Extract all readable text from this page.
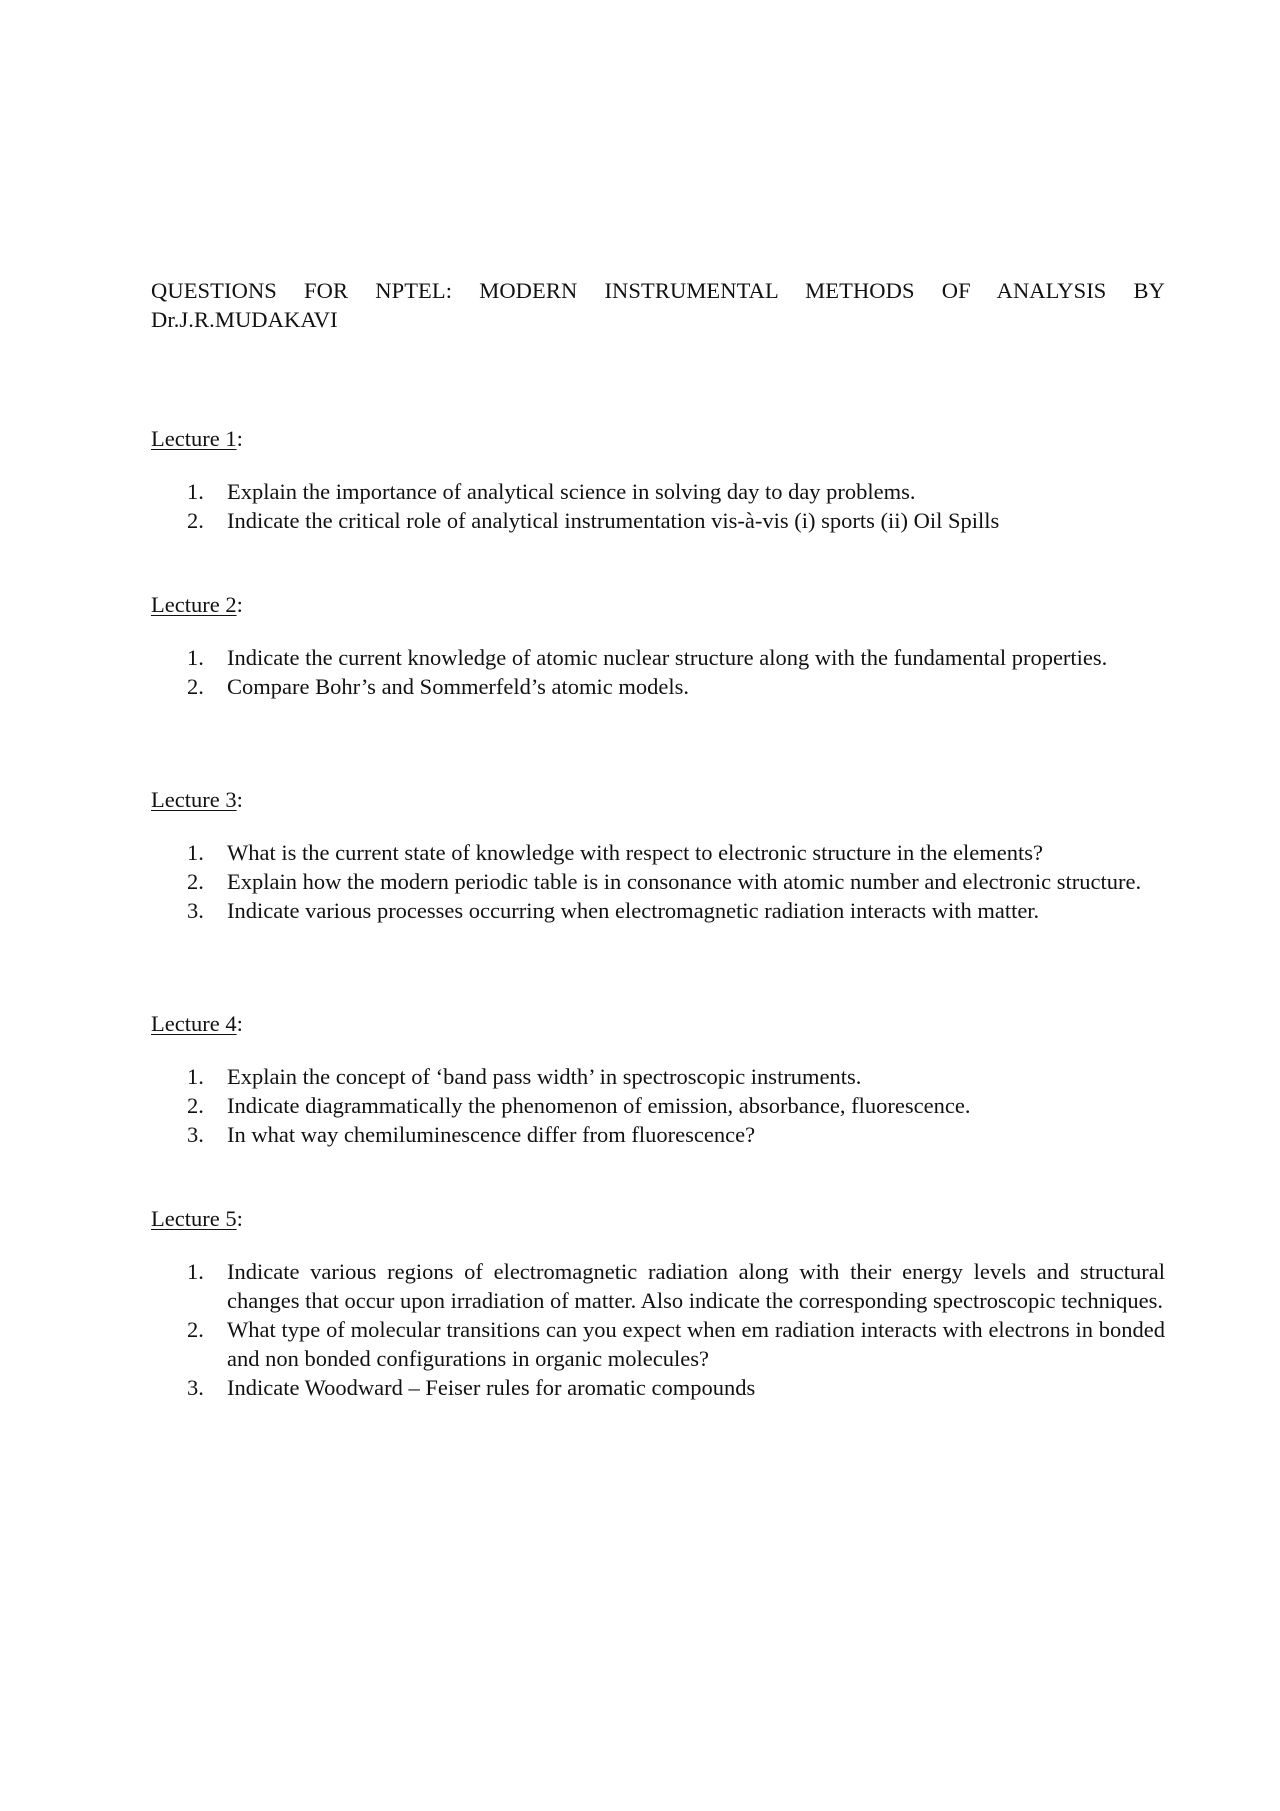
QUESTIONS FOR NPTEL: MODERN INSTRUMENTAL METHODS OF ANALYSIS BY
Dr.J.R.MUDAKAVI

Lecture 1:

1. Explain the importance of analytical science in solving day to day problems.
2. Indicate the critical role of analytical instrumentation vis-à-vis (i) sports (ii) Oil Spills

Lecture 2:

1. Indicate the current knowledge of atomic nuclear structure along with the fundamental properties.
2. Compare Bohr’s and Sommerfeld’s atomic models.

Lecture 3:

1. What is the current state of knowledge with respect to electronic structure in the elements?
2. Explain how the modern periodic table is in consonance with atomic number and electronic structure.
3. Indicate various processes occurring when electromagnetic radiation interacts with matter.

Lecture 4:

1. Explain the concept of ‘band pass width’ in spectroscopic instruments.
2. Indicate diagrammatically the phenomenon of emission, absorbance, fluorescence.
3. In what way chemiluminescence differ from fluorescence?

Lecture 5:

1. Indicate various regions of electromagnetic radiation along with their energy levels and structural changes that occur upon irradiation of matter. Also indicate the corresponding spectroscopic techniques.
2. What type of molecular transitions can you expect when em radiation interacts with electrons in bonded and non bonded configurations in organic molecules?
3. Indicate Woodward – Feiser rules for aromatic compounds
